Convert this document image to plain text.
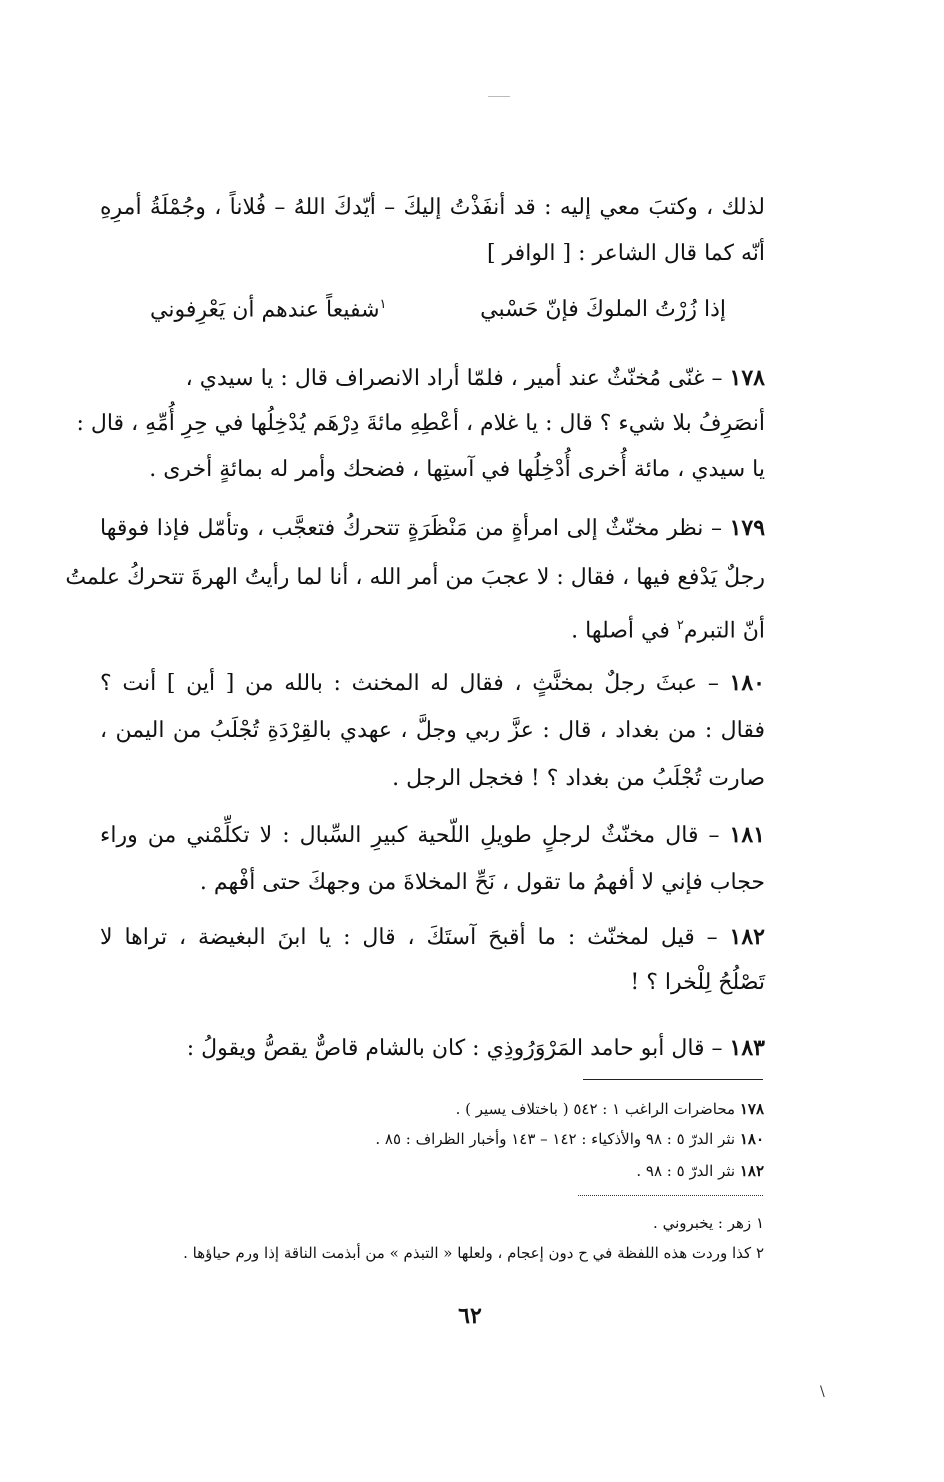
لذلك ، وكتبَ معي إليه : قد أنفَذْتُ إليكَ – أيّدكَ اللهُ – فُلاناً ، وجُمْلَةُ أمرِهِ
أنّه كما قال الشاعر : [ الوافر ]
إذا زُرْتُ الملوكَ فإنّ حَسْبي
$^١$شفيعاً عندهم أن يَعْرِفوني
١٧٨ – غنّى مُخنّثٌ عند أمير ، فلمّا أراد الانصراف قال : يا سيدي ،
أنصَرِفُ بلا شيء ؟ قال : يا غلام ، أعْطِهِ مائةَ دِرْهَم يُدْخِلُها في حِرِ أُمِّهِ ، قال :
يا سيدي ، مائة أُخرى أُدْخِلُها في آستِها ، فضحك وأمر له بمائةٍ أخرى .
١٧٩ – نظر مخنّثٌ إلى امرأةٍ من مَنْظَرَةٍ تتحركُ فتعجَّب ، وتأمّل فإذا فوقها
رجلٌ يَدْفع فيها ، فقال : لا عجبَ من أمر الله ، أنا لما رأيتُ الهرةَ تتحركُ علمتُ
أنّ التبرم$^٢$ في أصلها .
١٨٠ – عبثَ رجلٌ بمخنَّثٍ ، فقال له المخنث : بالله من [ أين ] أنت ؟
فقال : من بغداد ، قال : عزَّ ربي وجلَّ ، عهدي بالقِرْدَةِ تُجْلَبُ من اليمن ،
صارت تُجْلَبُ من بغداد ؟ ! فخجل الرجل .
١٨١ – قال مخنّثٌ لرجلٍ طويلِ اللّحية كبيرِ السِّبال : لا تكلِّمْني من وراء
حجاب فإني لا أفهمُ ما تقول ، نَحِّ المخلاةَ من وجهكَ حتى أفْهم .
١٨٢ – قيل لمخنّث : ما أقبحَ آستَكَ ، قال : يا ابنَ البغيضة ، تراها لا
تَصْلُحُ لِلْخرا ؟ !
١٨٣ – قال أبو حامد المَرْوَرُوذِي : كان بالشام قاصٌّ يقصُّ ويقولُ :
١٧٨ محاضرات الراغب ١ : ٥٤٢ ( باختلاف يسير ) .
١٨٠ نثر الدرّ ٥ : ٩٨ والأذكياء : ١٤٢ – ١٤٣ وأخبار الظراف : ٨٥ .
١٨٢ نثر الدرّ ٥ : ٩٨ .
١ زهر : يخبروني .
٢ كذا وردت هذه اللفظة في ح دون إعجام ، ولعلها « التبذم » من أبذمت الناقة إذا ورم حياؤها .
٦٢
\
